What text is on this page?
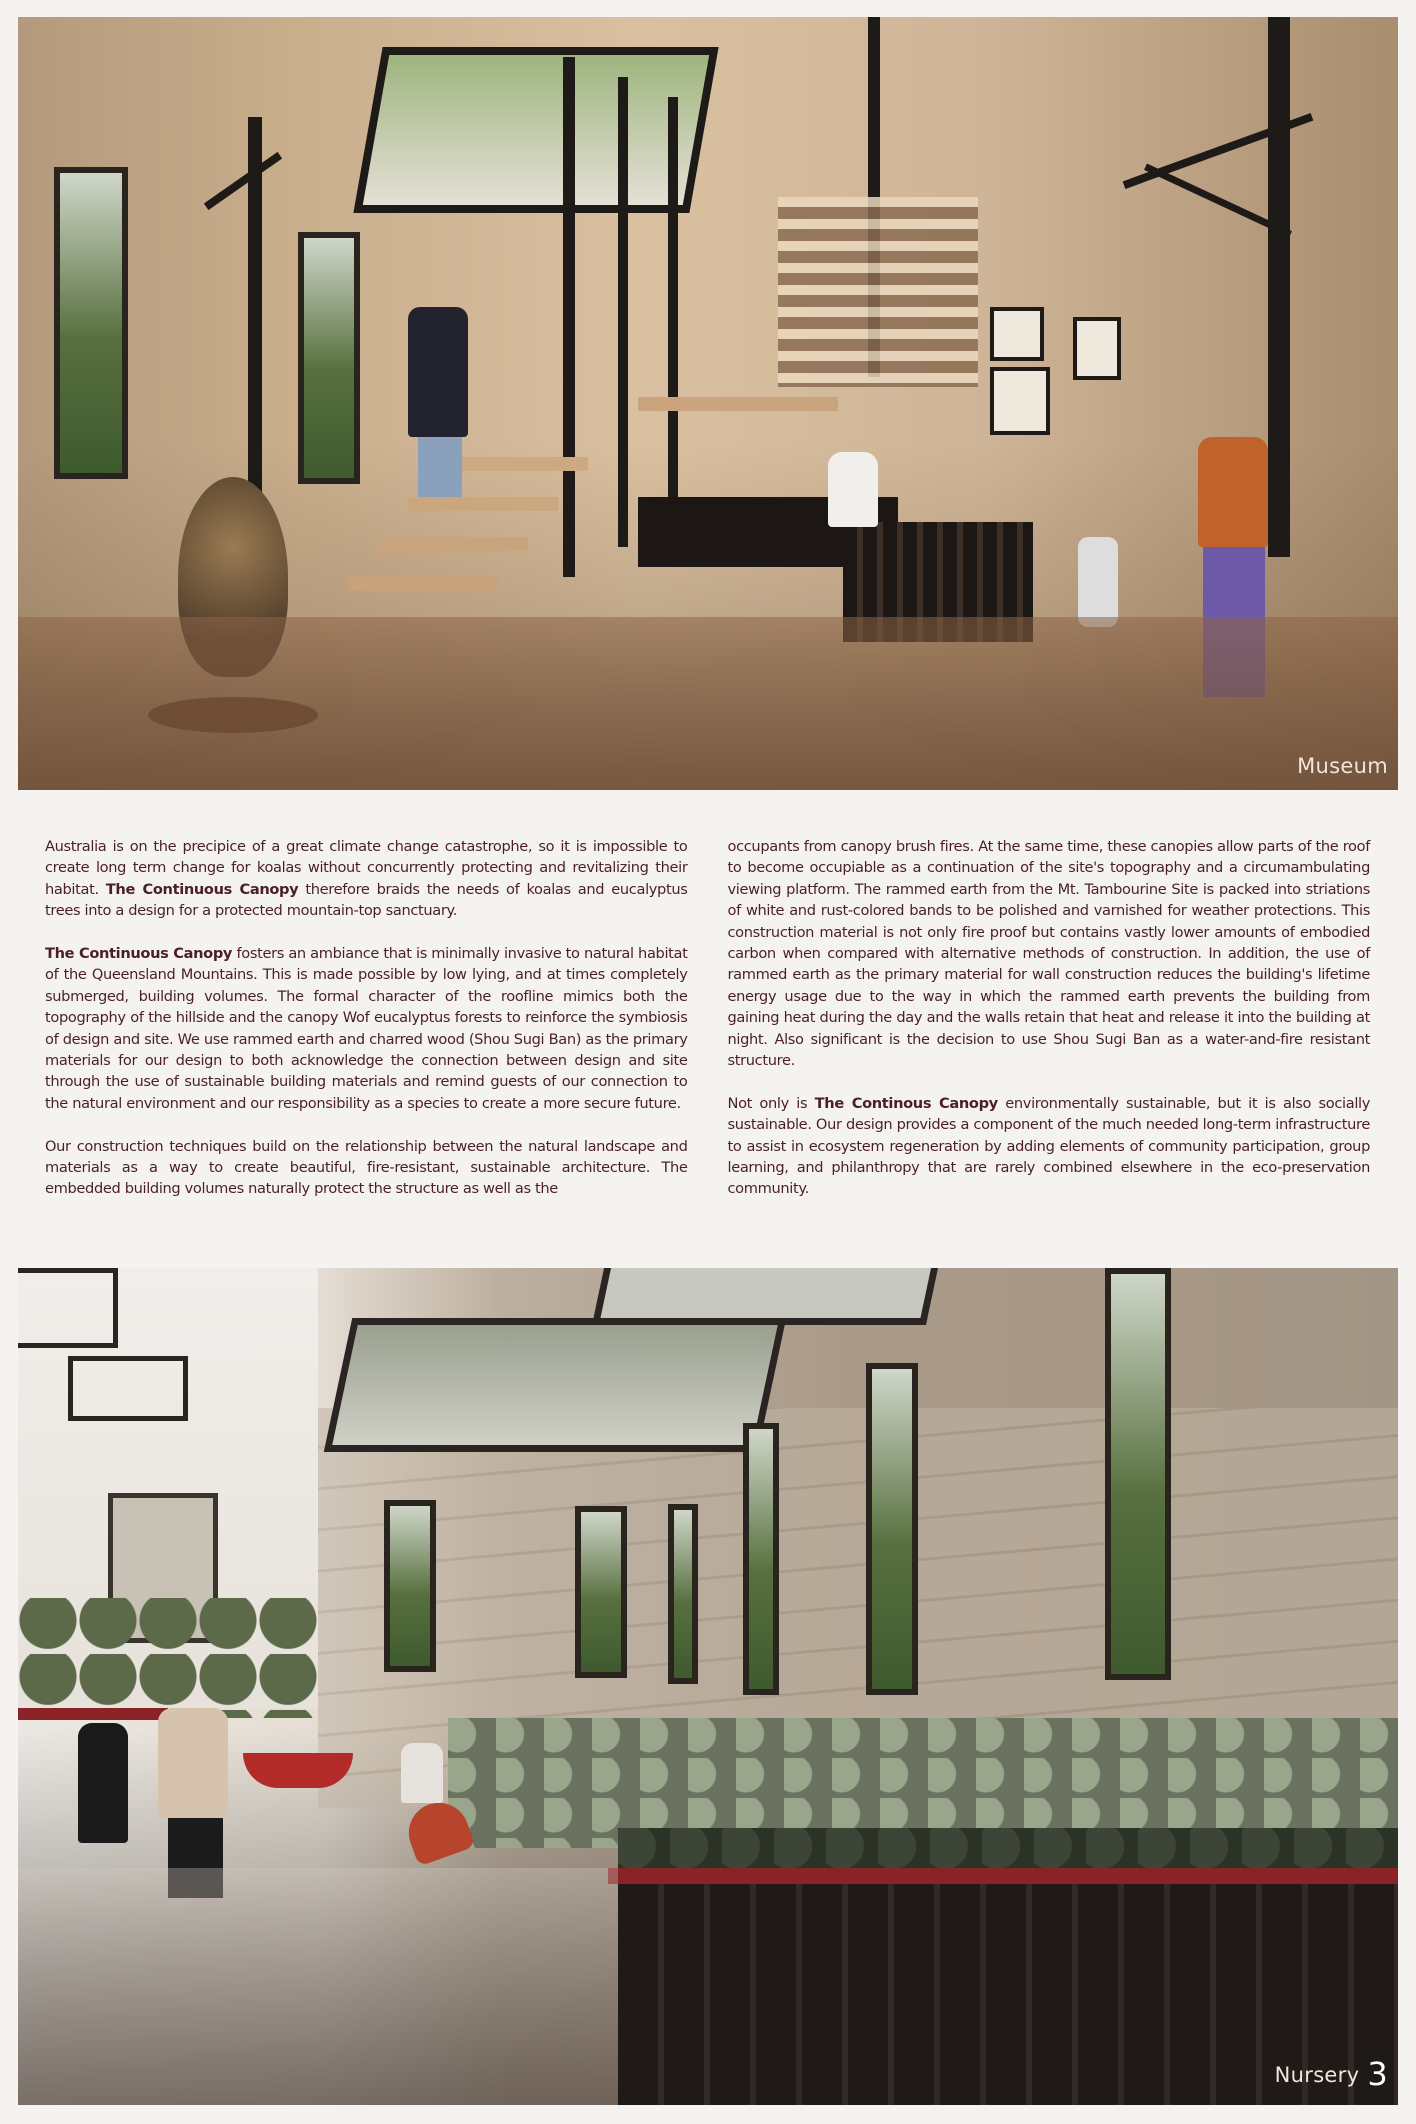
Museum

Australia is on the precipice of a great climate change catastrophe, so it is impossible to create long term change for koalas without concurrently protecting and revitalizing their habitat. The Continuous Canopy therefore braids the needs of koalas and eucalyptus trees into a design for a protected mountain-top sanctuary.

The Continuous Canopy fosters an ambiance that is minimally invasive to natural habitat of the Queensland Mountains. This is made possible by low lying, and at times completely submerged, building volumes. The formal character of the roofline mimics both the topography of the hillside and the canopy Wof eucalyptus forests to reinforce the symbiosis of design and site. We use rammed earth and charred wood (Shou Sugi Ban) as the primary materials for our design to both acknowledge the connection between design and site through the use of sustainable building materials and remind guests of our connection to the natural environment and our responsibility as a species to create a more secure future.

Our construction techniques build on the relationship between the natural landscape and materials as a way to create beautiful, fire-resistant, sustainable architecture. The embedded building volumes naturally protect the structure as well as the

occupants from canopy brush fires. At the same time, these canopies allow parts of the roof to become occupiable as a continuation of the site's topography and a circumambulating viewing platform. The rammed earth from the Mt. Tambourine Site is packed into striations of white and rust-colored bands to be polished and varnished for weather protections. This construction material is not only fire proof but contains vastly lower amounts of embodied carbon when compared with alternative methods of construction. In addition, the use of rammed earth as the primary material for wall construction reduces the building's lifetime energy usage due to the way in which the rammed earth prevents the building from gaining heat during the day and the walls retain that heat and release it into the building at night. Also significant is the decision to use Shou Sugi Ban as a water-and-fire resistant structure.

Not only is The Continous Canopy environmentally sustainable, but it is also socially sustainable. Our design provides a component of the much needed long-term infrastructure to assist in ecosystem regeneration by adding elements of community participation, group learning, and philanthropy that are rarely combined elsewhere in the eco-preservation community.

Nursery 3
